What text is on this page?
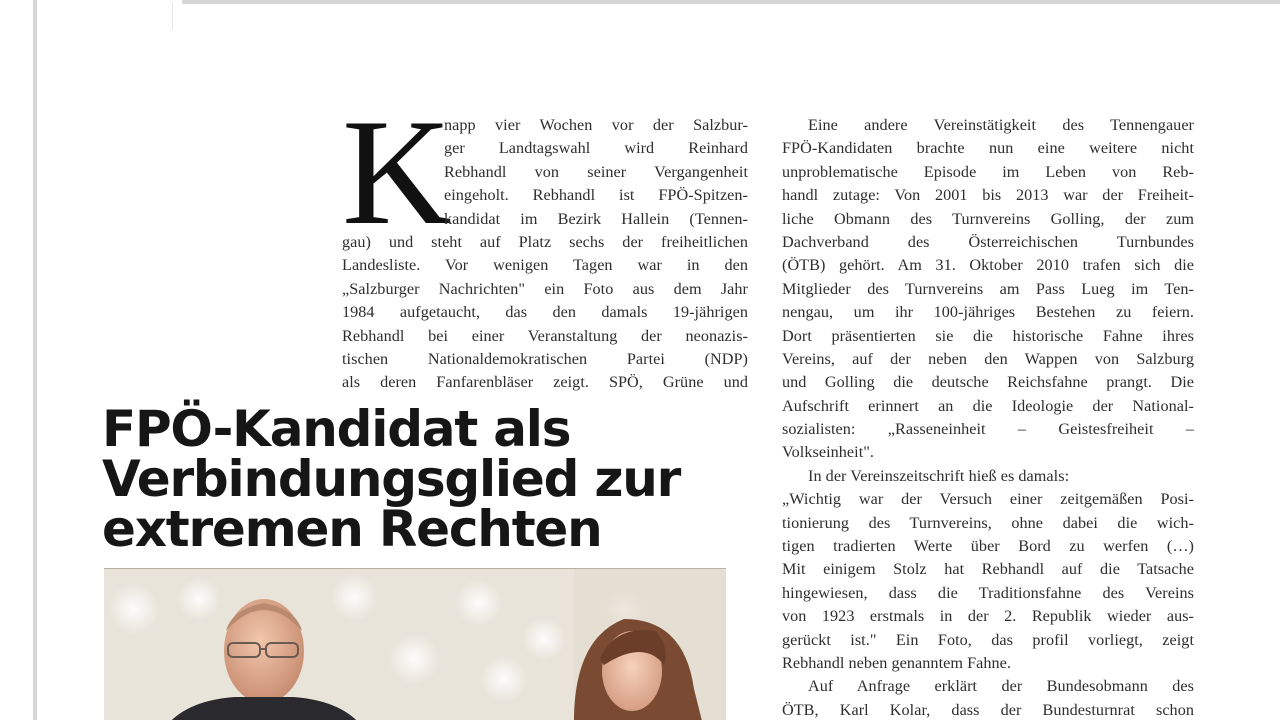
K
napp vier Wochen vor der Salzbur-
ger Landtagswahl wird Reinhard
Rebhandl von seiner Vergangenheit
eingeholt. Rebhandl ist FPÖ-Spitzen-
kandidat im Bezirk Hallein (Tennen-
gau) und steht auf Platz sechs der freiheitlichen
Landesliste. Vor wenigen Tagen war in den
„Salzburger Nachrichten" ein Foto aus dem Jahr
1984 aufgetaucht, das den damals 19-jährigen
Rebhandl bei einer Veranstaltung der neonazis-
tischen Nationaldemokratischen Partei (NDP)
als deren Fanfarenbläser zeigt. SPÖ, Grüne und
Eine andere Vereinstätigkeit des Tennengauer
FPÖ-Kandidaten brachte nun eine weitere nicht
unproblematische Episode im Leben von Reb-
handl zutage: Von 2001 bis 2013 war der Freiheit-
liche Obmann des Turnvereins Golling, der zum
Dachverband des Österreichischen Turnbundes
(ÖTB) gehört. Am 31. Oktober 2010 trafen sich die
Mitglieder des Turnvereins am Pass Lueg im Ten-
nengau, um ihr 100-jähriges Bestehen zu feiern.
Dort präsentierten sie die historische Fahne ihres
Vereins, auf der neben den Wappen von Salzburg
und Golling die deutsche Reichsfahne prangt. Die
Aufschrift erinnert an die Ideologie der National-
sozialisten: „Rasseneinheit – Geistesfreiheit –
Volkseinheit".
In der Vereinszeitschrift hieß es damals:
„Wichtig war der Versuch einer zeitgemäßen Posi-
tionierung des Turnvereins, ohne dabei die wich-
tigen tradierten Werte über Bord zu werfen (…)
Mit einigem Stolz hat Rebhandl auf die Tatsache
hingewiesen, dass die Traditionsfahne des Vereins
von 1923 erstmals in der 2. Republik wieder aus-
gerückt ist." Ein Foto, das profil vorliegt, zeigt
Rebhandl neben genanntem Fahne.
Auf Anfrage erklärt der Bundesobmann des
ÖTB, Karl Kolar, dass der Bundesturnrat schon
FPÖ-Kandidat als
Verbindungsglied zur
extremen Rechten
